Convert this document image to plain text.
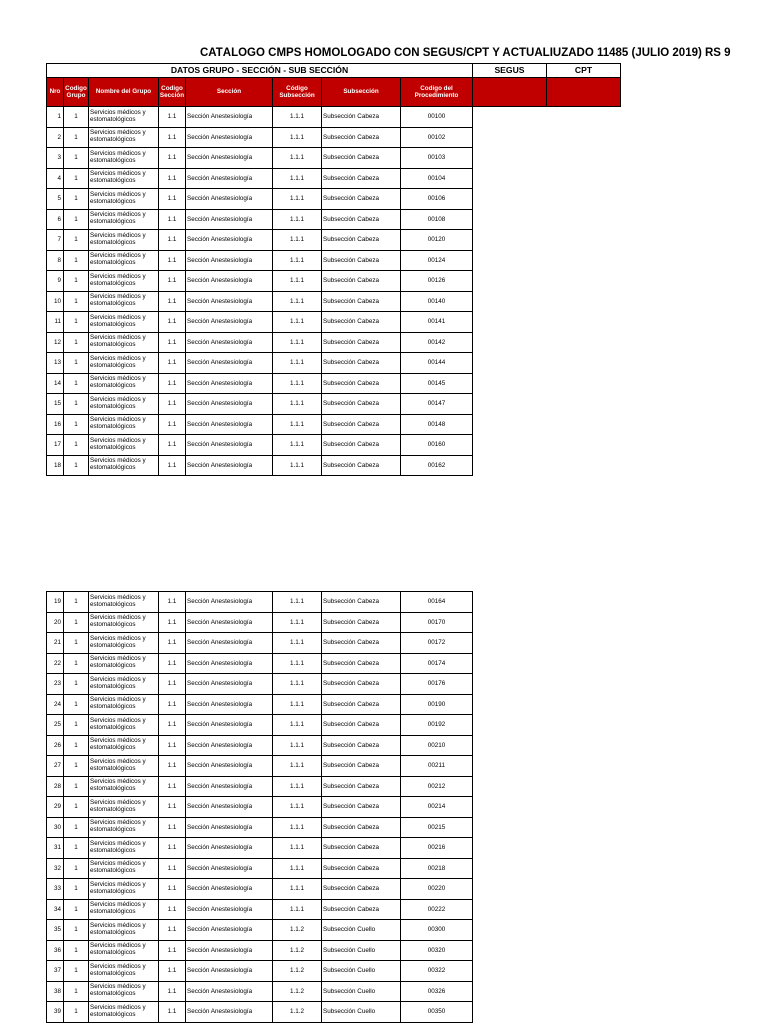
CATÁLOGO CMPS HOMOLOGADO CON SEGUS/CPT Y ACTUALIUZADO 11485 (JULIO 2019) RS 9
DATOS GRUPO - SECCIÓN - SUB SECCIÓN								SEGUS	CPT
Nro	Codigo Grupo	Nombre del Grupo	Codigo Sección	Sección	Código Subsección	Subsección	Codigo del Procedimiento		
1	1	Servicios médicos y estomatológicos	1.1	Sección Anestesiología	1.1.1	Subsección Cabeza	00100		
2	1	Servicios médicos y estomatológicos	1.1	Sección Anestesiología	1.1.1	Subsección Cabeza	00102		
3	1	Servicios médicos y estomatológicos	1.1	Sección Anestesiología	1.1.1	Subsección Cabeza	00103		
4	1	Servicios médicos y estomatológicos	1.1	Sección Anestesiología	1.1.1	Subsección Cabeza	00104		
5	1	Servicios médicos y estomatológicos	1.1	Sección Anestesiología	1.1.1	Subsección Cabeza	00106		
6	1	Servicios médicos y estomatológicos	1.1	Sección Anestesiología	1.1.1	Subsección Cabeza	00108		
7	1	Servicios médicos y estomatológicos	1.1	Sección Anestesiología	1.1.1	Subsección Cabeza	00120		
8	1	Servicios médicos y estomatológicos	1.1	Sección Anestesiología	1.1.1	Subsección Cabeza	00124		
9	1	Servicios médicos y estomatológicos	1.1	Sección Anestesiología	1.1.1	Subsección Cabeza	00126		
10	1	Servicios médicos y estomatológicos	1.1	Sección Anestesiología	1.1.1	Subsección Cabeza	00140		
11	1	Servicios médicos y estomatológicos	1.1	Sección Anestesiología	1.1.1	Subsección Cabeza	00141		
12	1	Servicios médicos y estomatológicos	1.1	Sección Anestesiología	1.1.1	Subsección Cabeza	00142		
13	1	Servicios médicos y estomatológicos	1.1	Sección Anestesiología	1.1.1	Subsección Cabeza	00144		
14	1	Servicios médicos y estomatológicos	1.1	Sección Anestesiología	1.1.1	Subsección Cabeza	00145		
15	1	Servicios médicos y estomatológicos	1.1	Sección Anestesiología	1.1.1	Subsección Cabeza	00147		
16	1	Servicios médicos y estomatológicos	1.1	Sección Anestesiología	1.1.1	Subsección Cabeza	00148		
17	1	Servicios médicos y estomatológicos	1.1	Sección Anestesiología	1.1.1	Subsección Cabeza	00160		
18	1	Servicios médicos y estomatológicos	1.1	Sección Anestesiología	1.1.1	Subsección Cabeza	00162		
19	1	Servicios médicos y estomatológicos	1.1	Sección Anestesiología	1.1.1	Subsección Cabeza	00164
20	1	Servicios médicos y estomatológicos	1.1	Sección Anestesiología	1.1.1	Subsección Cabeza	00170
21	1	Servicios médicos y estomatológicos	1.1	Sección Anestesiología	1.1.1	Subsección Cabeza	00172
22	1	Servicios médicos y estomatológicos	1.1	Sección Anestesiología	1.1.1	Subsección Cabeza	00174
23	1	Servicios médicos y estomatológicos	1.1	Sección Anestesiología	1.1.1	Subsección Cabeza	00176
24	1	Servicios médicos y estomatológicos	1.1	Sección Anestesiología	1.1.1	Subsección Cabeza	00190
25	1	Servicios médicos y estomatológicos	1.1	Sección Anestesiología	1.1.1	Subsección Cabeza	00192
26	1	Servicios médicos y estomatológicos	1.1	Sección Anestesiología	1.1.1	Subsección Cabeza	00210
27	1	Servicios médicos y estomatológicos	1.1	Sección Anestesiología	1.1.1	Subsección Cabeza	00211
28	1	Servicios médicos y estomatológicos	1.1	Sección Anestesiología	1.1.1	Subsección Cabeza	00212
29	1	Servicios médicos y estomatológicos	1.1	Sección Anestesiología	1.1.1	Subsección Cabeza	00214
30	1	Servicios médicos y estomatológicos	1.1	Sección Anestesiología	1.1.1	Subsección Cabeza	00215
31	1	Servicios médicos y estomatológicos	1.1	Sección Anestesiología	1.1.1	Subsección Cabeza	00216
32	1	Servicios médicos y estomatológicos	1.1	Sección Anestesiología	1.1.1	Subsección Cabeza	00218
33	1	Servicios médicos y estomatológicos	1.1	Sección Anestesiología	1.1.1	Subsección Cabeza	00220
34	1	Servicios médicos y estomatológicos	1.1	Sección Anestesiología	1.1.1	Subsección Cabeza	00222
35	1	Servicios médicos y estomatológicos	1.1	Sección Anestesiología	1.1.2	Subsección Cuello	00300
36	1	Servicios médicos y estomatológicos	1.1	Sección Anestesiología	1.1.2	Subsección Cuello	00320
37	1	Servicios médicos y estomatológicos	1.1	Sección Anestesiología	1.1.2	Subsección Cuello	00322
38	1	Servicios médicos y estomatológicos	1.1	Sección Anestesiología	1.1.2	Subsección Cuello	00326
39	1	Servicios médicos y estomatológicos	1.1	Sección Anestesiología	1.1.2	Subsección Cuello	00350
